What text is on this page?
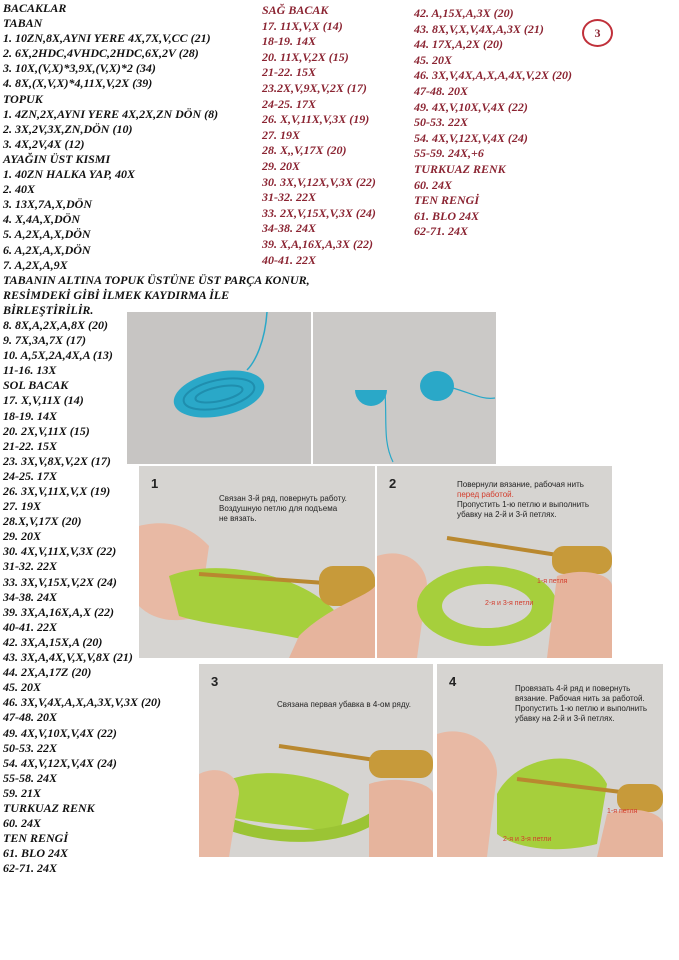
BACAKLAR
TABAN
1. 10ZN,8X,AYNI YERE 4X,7X,V,CC (21)
2. 6X,2HDC,4VHDC,2HDC,6X,2V (28)
3. 10X,(V,X)*3,9X,(V,X)*2 (34)
4. 8X,(X,V,X)*4,11X,V,2X (39)
TOPUK
1. 4ZN,2X,AYNI YERE 4X,2X,ZN DÖN (8)
2. 3X,2V,3X,ZN,DÖN (10)
3. 4X,2V,4X (12)
AYAĞIN ÜST KISMI
1. 40ZN HALKA YAP, 40X
2. 40X
3. 13X,7A,X,DÖN
4. X,4A,X,DÖN
5. A,2X,A,X,DÖN
6. A,2X,A,X,DÖN
7. A,2X,A,9X
TABANIN ALTINA TOPUK ÜSTÜNE ÜST PARÇA KONUR,
RESİMDEKİ GİBİ İLMEK KAYDIRMA İLE
BİRLEŞTİRİLİR.
8. 8X,A,2X,A,8X (20)
9. 7X,3A,7X (17)
10. A,5X,2A,4X,A (13)
11-16. 13X
SOL BACAK
17. X,V,11X (14)
18-19. 14X
20. 2X,V,11X (15)
21-22. 15X
23. 3X,V,8X,V,2X (17)
24-25. 17X
26. 3X,V,11X,V,X (19)
27. 19X
28.X,V,17X (20)
29. 20X
30. 4X,V,11X,V,3X (22)
31-32. 22X
33. 3X,V,15X,V,2X (24)
34-38. 24X
39. 3X,A,16X,A,X (22)
40-41. 22X
42. 3X,A,15X,A (20)
43. 3X,A,4X,V,X,V,8X (21)
44. 2X,A,17Z (20)
45. 20X
46. 3X,V,4X,A,X,A,3X,V,3X (20)
47-48. 20X
49. 4X,V,10X,V,4X (22)
50-53. 22X
54. 4X,V,12X,V,4X (24)
55-58. 24X
59. 21X
TURKUAZ RENK
60. 24X
TEN RENGİ
61. BLO 24X
62-71. 24X
SAĞ BACAK
17. 11X,V,X (14)
18-19. 14X
20. 11X,V,2X (15)
21-22. 15X
23.2X,V,9X,V,2X (17)
24-25. 17X
26. X,V,11X,V,3X (19)
27. 19X
28. X,,V,17X (20)
29. 20X
30. 3X,V,12X,V,3X (22)
31-32. 22X
33. 2X,V,15X,V,3X (24)
34-38. 24X
39. X,A,16X,A,3X (22)
40-41. 22X
42. A,15X,A,3X (20)
43. 8X,V,X,V,4X,A,3X (21)
44. 17X,A,2X (20)
45. 20X
46. 3X,V,4X,A,X,A,4X,V,2X (20)
47-48. 20X
49. 4X,V,10X,V,4X (22)
50-53. 22X
54. 4X,V,12X,V,4X (24)
55-59. 24X,+6
TURKUAZ RENK
60. 24X
TEN RENGİ
61. BLO 24X
62-71. 24X
3
1
Связан 3-й ряд, повернуть работу.
Воздушную петлю для подъема
не вязать.
2	Повернули вязание, рабочая нить
перед работой.
Пропустить 1-ю петлю и выполнить
убавку на 2-й и 3-й петлях.
1-я петля
2-я и 3-я петли
3
Связана первая убавка в 4-ом ряду.
4	Провязать 4-й ряд и повернуть
вязание. Рабочая нить за работой.
Пропустить 1-ю петлю и выполнить
убавку на 2-й и 3-й петлях.
1-я петля
2-я и 3-я петли
